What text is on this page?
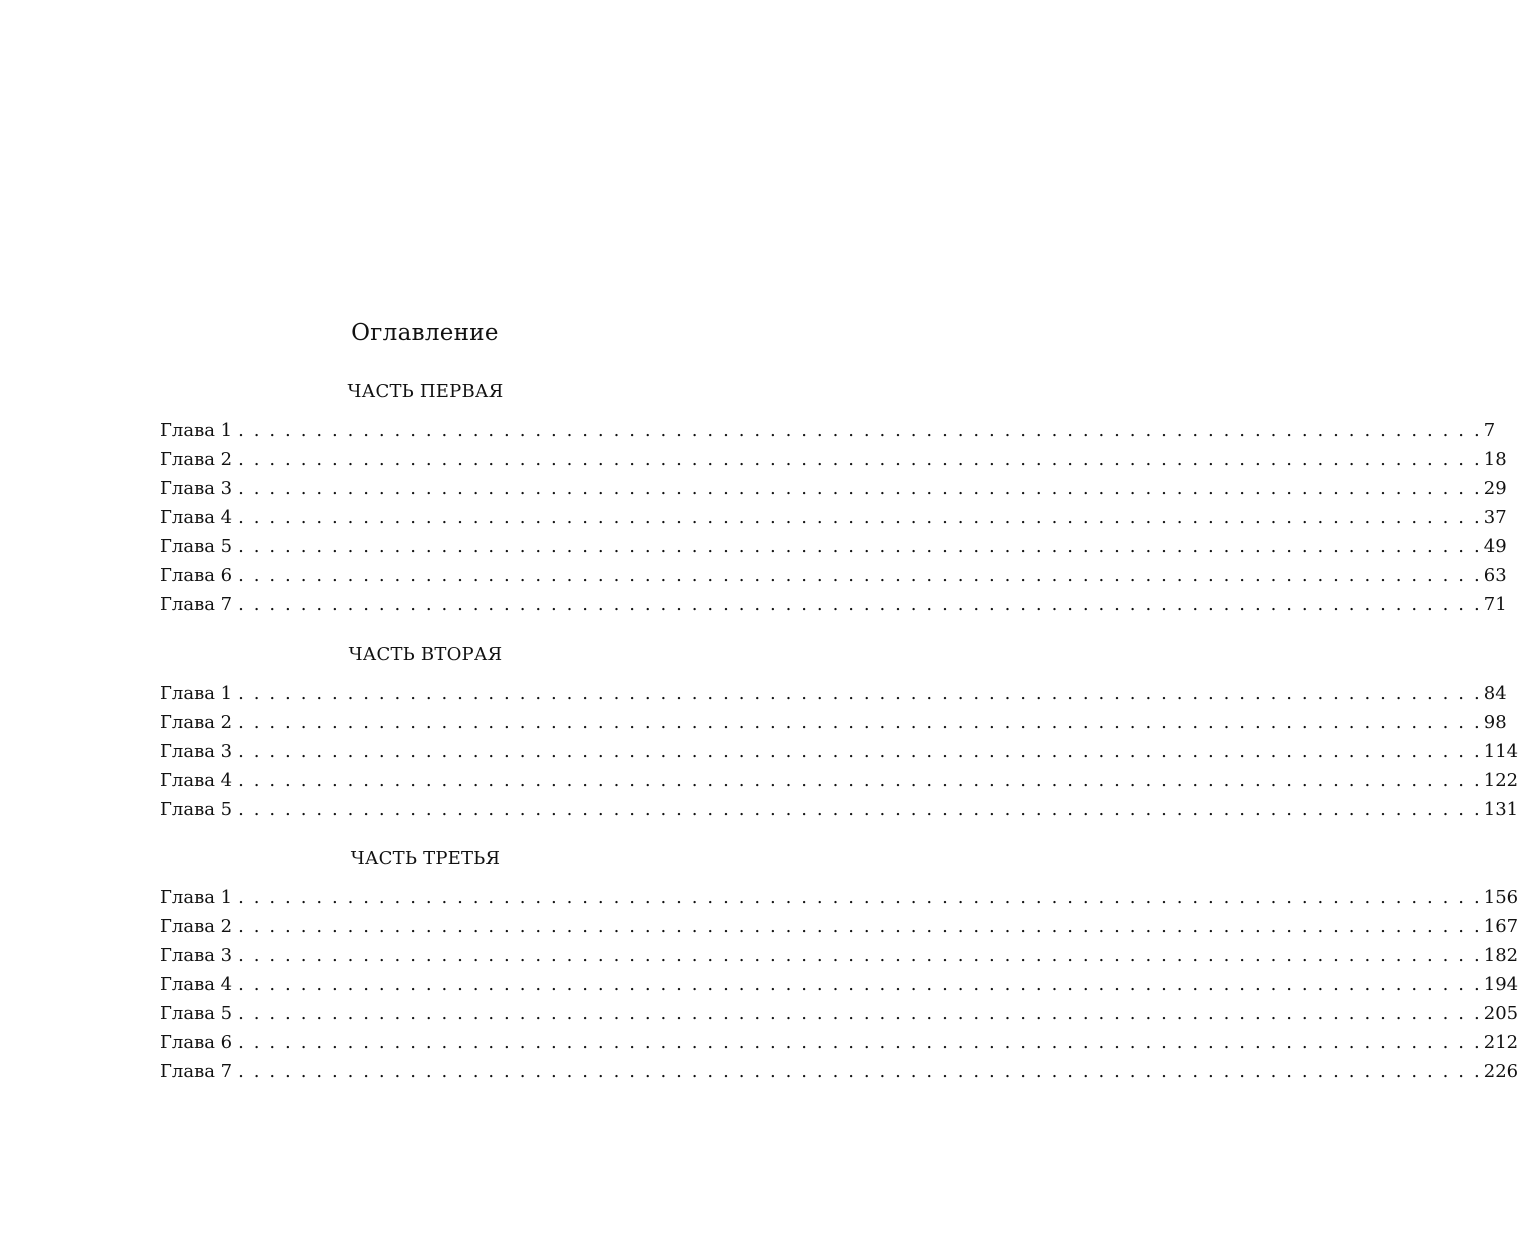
Оглавление
ЧАСТЬ ПЕРВАЯ
Глава 1 . . . . . . . . . . . . . . . . . . . . . . . . . . . . . . . . . . . . . . . . . . . . . . . . . . . . . . . . . . . . . . . . . . . . . . . . . . . . . . . . 7
Глава 2 . . . . . . . . . . . . . . . . . . . . . . . . . . . . . . . . . . . . . . . . . . . . . . . . . . . . . . . . . . . . . . . . . . . . . . . . . . . . . . . . 18
Глава 3 . . . . . . . . . . . . . . . . . . . . . . . . . . . . . . . . . . . . . . . . . . . . . . . . . . . . . . . . . . . . . . . . . . . . . . . . . . . . . . . . 29
Глава 4 . . . . . . . . . . . . . . . . . . . . . . . . . . . . . . . . . . . . . . . . . . . . . . . . . . . . . . . . . . . . . . . . . . . . . . . . . . . . . . . . 37
Глава 5 . . . . . . . . . . . . . . . . . . . . . . . . . . . . . . . . . . . . . . . . . . . . . . . . . . . . . . . . . . . . . . . . . . . . . . . . . . . . . . . . 49
Глава 6 . . . . . . . . . . . . . . . . . . . . . . . . . . . . . . . . . . . . . . . . . . . . . . . . . . . . . . . . . . . . . . . . . . . . . . . . . . . . . . . . 63
Глава 7 . . . . . . . . . . . . . . . . . . . . . . . . . . . . . . . . . . . . . . . . . . . . . . . . . . . . . . . . . . . . . . . . . . . . . . . . . . . . . . . . 71
ЧАСТЬ ВТОРАЯ
Глава 1 . . . . . . . . . . . . . . . . . . . . . . . . . . . . . . . . . . . . . . . . . . . . . . . . . . . . . . . . . . . . . . . . . . . . . . . . . . . . . . . . 84
Глава 2 . . . . . . . . . . . . . . . . . . . . . . . . . . . . . . . . . . . . . . . . . . . . . . . . . . . . . . . . . . . . . . . . . . . . . . . . . . . . . . . . 98
Глава 3 . . . . . . . . . . . . . . . . . . . . . . . . . . . . . . . . . . . . . . . . . . . . . . . . . . . . . . . . . . . . . . . . . . . . . . . . . . . . . . . . 114
Глава 4 . . . . . . . . . . . . . . . . . . . . . . . . . . . . . . . . . . . . . . . . . . . . . . . . . . . . . . . . . . . . . . . . . . . . . . . . . . . . . . . . 122
Глава 5 . . . . . . . . . . . . . . . . . . . . . . . . . . . . . . . . . . . . . . . . . . . . . . . . . . . . . . . . . . . . . . . . . . . . . . . . . . . . . . . . 131
ЧАСТЬ ТРЕТЬЯ
Глава 1 . . . . . . . . . . . . . . . . . . . . . . . . . . . . . . . . . . . . . . . . . . . . . . . . . . . . . . . . . . . . . . . . . . . . . . . . . . . . . . . . 156
Глава 2 . . . . . . . . . . . . . . . . . . . . . . . . . . . . . . . . . . . . . . . . . . . . . . . . . . . . . . . . . . . . . . . . . . . . . . . . . . . . . . . . 167
Глава 3 . . . . . . . . . . . . . . . . . . . . . . . . . . . . . . . . . . . . . . . . . . . . . . . . . . . . . . . . . . . . . . . . . . . . . . . . . . . . . . . . 182
Глава 4 . . . . . . . . . . . . . . . . . . . . . . . . . . . . . . . . . . . . . . . . . . . . . . . . . . . . . . . . . . . . . . . . . . . . . . . . . . . . . . . . 194
Глава 5 . . . . . . . . . . . . . . . . . . . . . . . . . . . . . . . . . . . . . . . . . . . . . . . . . . . . . . . . . . . . . . . . . . . . . . . . . . . . . . . . 205
Глава 6 . . . . . . . . . . . . . . . . . . . . . . . . . . . . . . . . . . . . . . . . . . . . . . . . . . . . . . . . . . . . . . . . . . . . . . . . . . . . . . . . 212
Глава 7 . . . . . . . . . . . . . . . . . . . . . . . . . . . . . . . . . . . . . . . . . . . . . . . . . . . . . . . . . . . . . . . . . . . . . . . . . . . . . . . . 226
